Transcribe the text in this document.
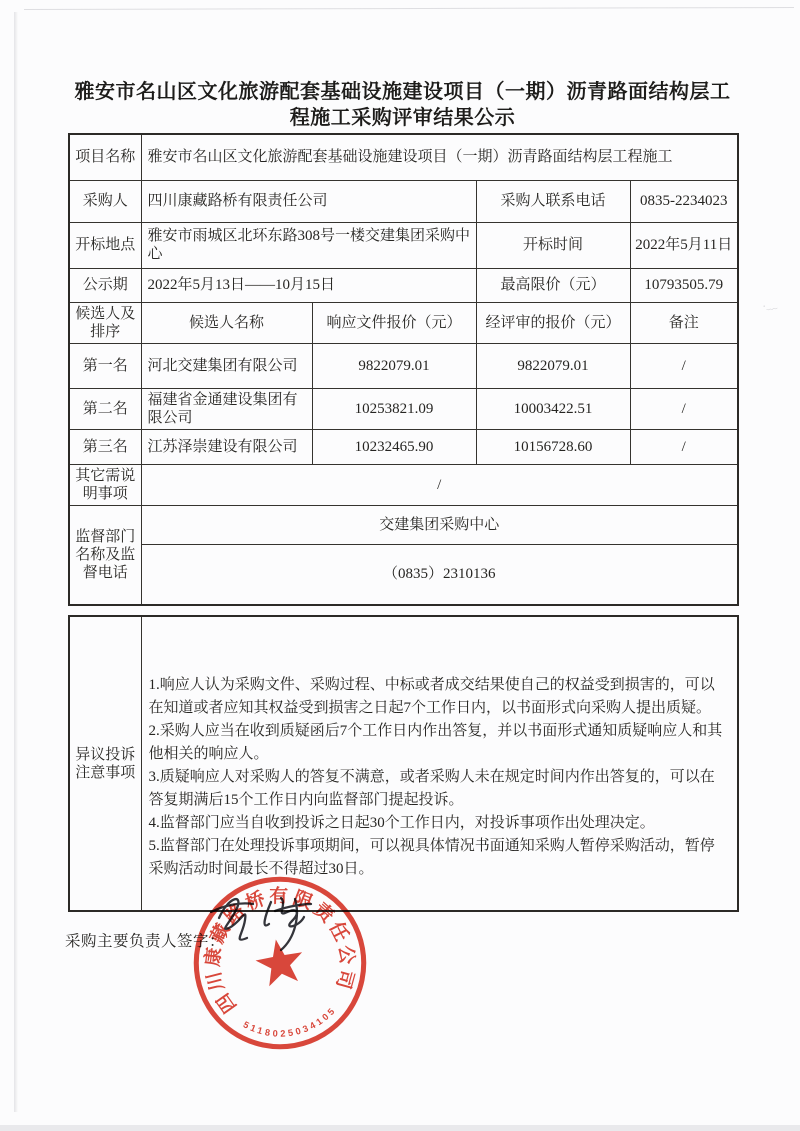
·﹏
雅安市名山区文化旅游配套基础设施建设项目（一期）沥青路面结构层工
程施工采购评审结果公示
项目名称	雅安市名山区文化旅游配套基础设施建设项目（一期）沥青路面结构层工程施工			
采购人	四川康藏路桥有限责任公司		采购人联系电话	0835-2234023
开标地点	雅安市雨城区北环东路308号一楼交建集团采购中心		开标时间	2022年5月11日
公示期	2022年5月13日——10月15日		最高限价（元）	10793505.79
候选人及排序	候选人名称	响应文件报价（元）	经评审的报价（元）	备注
第一名	河北交建集团有限公司	9822079.01	9822079.01	/
第二名	福建省金通建设集团有限公司	10253821.09	10003422.51	/
第三名	江苏泽崇建设有限公司	10232465.90	10156728.60	/
其它需说明事项	/			
监督部门名称及监督电话	交建集团采购中心			
	（0835）2310136			
异议投诉注意事项	

1.响应人认为采购文件、采购过程、中标或者成交结果使自己的权益受到损害的，可以在知道或者应知其权益受到损害之日起7个工作日内，以书面形式向采购人提出质疑。

2.采购人应当在收到质疑函后7个工作日内作出答复，并以书面形式通知质疑响应人和其他相关的响应人。

3.质疑响应人对采购人的答复不满意，或者采购人未在规定时间内作出答复的，可以在答复期满后15个工作日内向监督部门提起投诉。

4.监督部门应当自收到投诉之日起30个工作日内，对投诉事项作出处理决定。

5.监督部门在处理投诉事项期间，可以视具体情况书面通知采购人暂停采购活动，暂停采购活动时间最长不得超过30日。

采购主要负责人签字：
四川康藏路桥有限责任公司
5118025034105
